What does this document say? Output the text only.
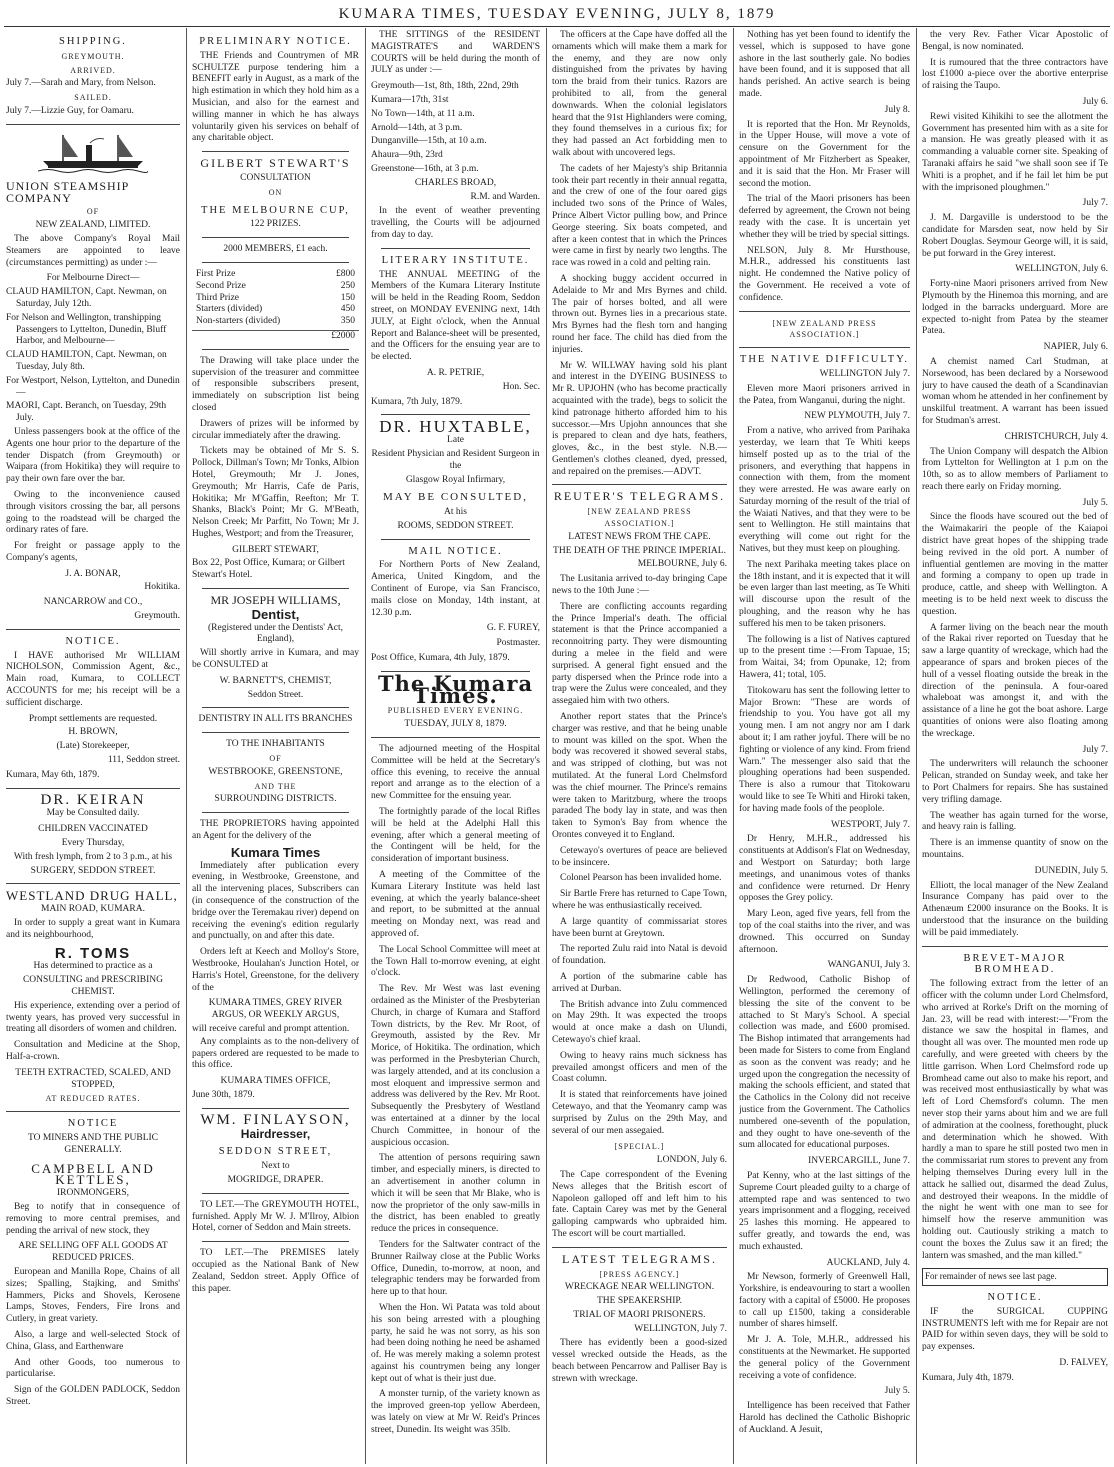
KUMARA TIMES, TUESDAY EVENING, JULY 8, 1879
SHIPPING.
GREYMOUTH.
ARRIVED.
July 7.—Sarah and Mary, from Nelson.
SAILED.
July 7.—Lizzie Guy, for Oamaru.
UNION STEAMSHIP COMPANY
OF
NEW ZEALAND, LIMITED.
The above Company's Royal Mail Steamers are appointed to leave (circumstances permitting) as under :—
For Melbourne Direct—
CLAUD HAMILTON, Capt. Newman, on Saturday, July 12th.
For Nelson and Wellington, transhipping Passengers to Lyttelton, Dunedin, Bluff Harbor, and Melbourne—
CLAUD HAMILTON, Capt. Newman, on Tuesday, July 8th.
For Westport, Nelson, Lyttelton, and Dunedin—
MAORI, Capt. Beranch, on Tuesday, 29th July.
Unless passengers book at the office of the Agents one hour prior to the departure of the tender Dispatch (from Greymouth) or Waipara (from Hokitika) they will require to pay their own fare over the bar.
Owing to the inconvenience caused through visitors crossing the bar, all persons going to the roadstead will be charged the ordinary rates of fare.
For freight or passage apply to the Company's agents,
J. A. BONAR,
Hokitika.
NANCARROW and CO.,
Greymouth.
NOTICE.
I HAVE authorised Mr WILLIAM NICHOLSON, Commission Agent, &c., Main road, Kumara, to COLLECT ACCOUNTS for me; his receipt will be a sufficient discharge.
Prompt settlements are requested.
H. BROWN,
(Late) Storekeeper,
111, Seddon street.
Kumara, May 6th, 1879.
DR. KEIRAN
May be Consulted daily.
CHILDREN VACCINATED
Every Thursday,
With fresh lymph, from 2 to 3 p.m., at his
SURGERY, SEDDON STREET.
WESTLAND DRUG HALL,
MAIN ROAD, KUMARA.
In order to supply a great want in Kumara and its neighbourhood,
R. TOMS
Has determined to practice as a
CONSULTING and PRESCRIBING CHEMIST.
His experience, extending over a period of twenty years, has proved very successful in treating all disorders of women and children.
Consultation and Medicine at the Shop, Half-a-crown.
TEETH EXTRACTED, SCALED, AND STOPPED,
AT REDUCED RATES.
NOTICE
TO MINERS AND THE PUBLIC GENERALLY.
CAMPBELL AND KETTLES,
IRONMONGERS,
Beg to notify that in consequence of removing to more central premises, and pending the arrival of new stock, they
ARE SELLING OFF ALL GOODS AT REDUCED PRICES.
European and Manilla Rope, Chains of all sizes; Spalling, Stajking, and Smiths' Hammers, Picks and Shovels, Kerosene Lamps, Stoves, Fenders, Fire Irons and Cutlery, in great variety.
Also, a large and well-selected Stock of China, Glass, and Earthenware
And other Goods, too numerous to particularise.
Sign of the GOLDEN PADLOCK, Seddon Street.
PRELIMINARY NOTICE.
THE Friends and Countrymen of MR SCHULTZE purpose tendering him a BENEFIT early in August, as a mark of the high estimation in which they hold him as a Musician, and also for the earnest and willing manner in which he has always voluntarily given his services on behalf of any charitable object.
GILBERT STEWART'S
CONSULTATION
ON
THE MELBOURNE CUP,
122 PRIZES.
2000 MEMBERS, £1 each.
First Prize	£800
Second Prize	250
Third Prize	150
Starters (divided)	450
Non-starters (divided)	350
£2000
The Drawing will take place under the supervision of the treasurer and committee of responsible subscribers present, immediately on subscription list being closed
Drawers of prizes will be informed by circular immediately after the drawing.
Tickets may be obtained of Mr S. S. Pollock, Dillman's Town; Mr Tonks, Albion Hotel, Greymouth; Mr J. Jones, Greymouth; Mr Harris, Cafe de Paris, Hokitika; Mr M'Gaffin, Reefton; Mr T. Shanks, Black's Point; Mr G. M'Beath, Nelson Creek; Mr Parfitt, No Town; Mr J. Hughes, Westport; and from the Treasurer,
GILBERT STEWART,
Box 22, Post Office, Kumara; or Gilbert Stewart's Hotel.
MR JOSEPH WILLIAMS,
Dentist,
(Registered under the Dentists' Act, England),
Will shortly arrive in Kumara, and may be CONSULTED at
W. BARNETT'S, CHEMIST,
Seddon Street.
DENTISTRY IN ALL ITS BRANCHES
TO THE INHABITANTS
OF
WESTBROOKE, GREENSTONE,
AND THE
SURROUNDING DISTRICTS.
THE PROPRIETORS having appointed an Agent for the delivery of the
Kumara Times
Immediately after publication every evening, in Westbrooke, Greenstone, and all the intervening places, Subscribers can (in consequence of the construction of the bridge over the Teremakau river) depend on receiving the evening's edition regularly and punctually, on and after this date.
Orders left at Keech and Molloy's Store, Westbrooke, Houlahan's Junction Hotel, or Harris's Hotel, Greenstone, for the delivery of the
KUMARA TIMES, GREY RIVER ARGUS, OR WEEKLY ARGUS,
will receive careful and prompt attention.
Any complaints as to the non-delivery of papers ordered are requested to be made to this office.
KUMARA TIMES OFFICE,
June 30th, 1879.
WM. FINLAYSON,
Hairdresser,
SEDDON STREET,
Next to
MOGRIDGE, DRAPER.
TO LET.—The GREYMOUTH HOTEL, furnished. Apply Mr W. J. M'Ilroy, Albion Hotel, corner of Seddon and Main streets.
TO LET.—The PREMISES lately occupied as the National Bank of New Zealand, Seddon street. Apply Office of this paper.
THE SITTINGS of the RESIDENT MAGISTRATE'S and WARDEN'S COURTS will be held during the month of JULY as under :—
Greymouth—1st, 8th, 18th, 22nd, 29th
Kumara—17th, 31st
No Town—14th, at 11 a.m.
Arnold—14th, at 3 p.m.
Dunganville—15th, at 10 a.m.
Ahaura—9th, 23rd
Greenstone—16th, at 3 p.m.
CHARLES BROAD,
R.M. and Warden.
In the event of weather preventing travelling, the Courts will be adjourned from day to day.
LITERARY INSTITUTE.
THE ANNUAL MEETING of the Members of the Kumara Literary Institute will be held in the Reading Room, Seddon street, on MONDAY EVENING next, 14th JULY, at Eight o'clock, when the Annual Report and Balance-sheet will be presented, and the Officers for the ensuing year are to be elected.
A. R. PETRIE,
Hon. Sec.
Kumara, 7th July, 1879.
DR. HUXTABLE,
Late
Resident Physician and Resident Surgeon in the
Glasgow Royal Infirmary,
MAY BE CONSULTED,
At his
ROOMS, SEDDON STREET.
MAIL NOTICE.
For Northern Ports of New Zealand, America, United Kingdom, and the Continent of Europe, via San Francisco, mails close on Monday, 14th instant, at 12.30 p.m.
G. F. FUREY,
Postmaster.
Post Office, Kumara, 4th July, 1879.
The Kumara Times.
PUBLISHED EVERY EVENING.
TUESDAY, JULY 8, 1879.
The adjourned meeting of the Hospital Committee will be held at the Secretary's office this evening, to receive the annual report and arrange as to the election of a new Committee for the ensuing year.
The fortnightly parade of the local Rifles will be held at the Adelphi Hall this evening, after which a general meeting of the Contingent will be held, for the consideration of important business.
A meeting of the Committee of the Kumara Literary Institute was held last evening, at which the yearly balance-sheet and report, to be submitted at the annual meeting on Monday next, was read and approved of.
The Local School Committee will meet at the Town Hall to-morrow evening, at eight o'clock.
The Rev. Mr West was last evening ordained as the Minister of the Presbyterian Church, in charge of Kumara and Stafford Town districts, by the Rev. Mr Root, of Greymouth, assisted by the Rev. Mr Morice, of Hokitika. The ordination, which was performed in the Presbyterian Church, was largely attended, and at its conclusion a most eloquent and impressive sermon and address was delivered by the Rev. Mr Root. Subsequently the Presbytery of Westland was entertained at a dinner by the local Church Committee, in honour of the auspicious occasion.
The attention of persons requiring sawn timber, and especially miners, is directed to an advertisement in another column in which it will be seen that Mr Blake, who is now the proprietor of the only saw-mills in the district, has been enabled to greatly reduce the prices in consequence.
Tenders for the Saltwater contract of the Brunner Railway close at the Public Works Office, Dunedin, to-morrow, at noon, and telegraphic tenders may be forwarded from here up to that hour.
When the Hon. Wi Patata was told about his son being arrested with a ploughing party, he said he was not sorry, as his son had been doing nothing he need be ashamed of. He was merely making a solemn protest against his countrymen being any longer kept out of what is their just due.
A monster turnip, of the variety known as the improved green-top yellow Aberdeen, was lately on view at Mr W. Reid's Princes street, Dunedin. Its weight was 35lb.
The officers at the Cape have doffed all the ornaments which will make them a mark for the enemy, and they are now only distinguished from the privates by having torn the braid from their tunics. Razors are prohibited to all, from the general downwards. When the colonial legislators heard that the 91st Highlanders were coming, they found themselves in a curious fix; for they had passed an Act forbidding men to walk about with uncovered legs.
The cadets of her Majesty's ship Britannia took their part recently in their annual regatta, and the crew of one of the four oared gigs included two sons of the Prince of Wales, Prince Albert Victor pulling bow, and Prince George steering. Six boats competed, and after a keen contest that in which the Princes were came in first by nearly two lengths. The race was rowed in a cold and pelting rain.
A shocking buggy accident occurred in Adelaide to Mr and Mrs Byrnes and child. The pair of horses bolted, and all were thrown out. Byrnes lies in a precarious state. Mrs Byrnes had the flesh torn and hanging round her face. The child has died from the injuries.
Mr W. WILLWAY having sold his plant and interest in the DYEING BUSINESS to Mr R. UPJOHN (who has become practically acquainted with the trade), begs to solicit the kind patronage hitherto afforded him to his successor.—Mrs Upjohn announces that she is prepared to clean and dye hats, feathers, gloves, &c., in the best style. N.B.—Gentlemen's clothes cleaned, dyed, pressed, and repaired on the premises.—ADVT.
REUTER'S TELEGRAMS.
[NEW ZEALAND PRESS ASSOCIATION.]
LATEST NEWS FROM THE CAPE.
THE DEATH OF THE PRINCE IMPERIAL.
MELBOURNE, July 6.
The Lusitania arrived to-day bringing Cape news to the 10th June :—
There are conflicting accounts regarding the Prince Imperial's death. The official statement is that the Prince accompanied a reconnoitring party. They were dismounting during a melee in the field and were surprised. A general fight ensued and the party dispersed when the Prince rode into a trap were the Zulus were concealed, and they assegaied him with two others.
Another report states that the Prince's charger was restive, and that he being unable to mount was killed on the spot. When the body was recovered it showed several stabs, and was stripped of clothing, but was not mutilated. At the funeral Lord Chelmsford was the chief mourner. The Prince's remains were taken to Maritzburg, where the troops paraded The body lay in state, and was then taken to Symon's Bay from whence the Orontes conveyed it to England.
Cetewayo's overtures of peace are believed to be insincere.
Colonel Pearson has been invalided home.
Sir Bartle Frere has returned to Cape Town, where he was enthusiastically received.
A large quantity of commissariat stores have been burnt at Greytown.
The reported Zulu raid into Natal is devoid of foundation.
A portion of the submarine cable has arrived at Durban.
The British advance into Zulu commenced on May 29th. It was expected the troops would at once make a dash on Ulundi, Cetewayo's chief kraal.
Owing to heavy rains much sickness has prevailed amongst officers and men of the Coast column.
It is stated that reinforcements have joined Cetewayo, and that the Yeomanry camp was surprised by Zulus on the 29th May, and several of our men assegaied.
[SPECIAL.]
LONDON, July 6.
The Cape correspondent of the Evening News alleges that the British escort of Napoleon galloped off and left him to his fate. Captain Carey was met by the General galloping campwards who upbraided him. The escort will be court martialled.
LATEST TELEGRAMS.
[PRESS AGENCY.]
WRECKAGE NEAR WELLINGTON.
THE SPEAKERSHIP.
TRIAL OF MAORI PRISONERS.
WELLINGTON, July 7.
There has evidently been a good-sized vessel wrecked outside the Heads, as the beach between Pencarrow and Palliser Bay is strewn with wreckage.
Nothing has yet been found to identify the vessel, which is supposed to have gone ashore in the last southerly gale. No bodies have been found, and it is supposed that all hands perished. An active search is being made.
July 8.
It is reported that the Hon. Mr Reynolds, in the Upper House, will move a vote of censure on the Government for the appointment of Mr Fitzherbert as Speaker, and it is said that the Hon. Mr Fraser will second the motion.
The trial of the Maori prisoners has been deferred by agreement, the Crown not being ready with the case. It is uncertain yet whether they will be tried by special sittings.
NELSON, July 8. Mr Hursthouse, M.H.R., addressed his constituents last night. He condemned the Native policy of the Government. He received a vote of confidence.
[NEW ZEALAND PRESS ASSOCIATION.]
THE NATIVE DIFFICULTY.
WELLINGTON July 7.
Eleven more Maori prisoners arrived in the Patea, from Wanganui, during the night.
NEW PLYMOUTH, July 7.
From a native, who arrived from Parihaka yesterday, we learn that Te Whiti keeps himself posted up as to the trial of the prisoners, and everything that happens in connection with them, from the moment they were arrested. He was aware early on Saturday morning of the result of the trial of the Waiati Natives, and that they were to be sent to Wellington. He still maintains that everything will come out right for the Natives, but they must keep on ploughing.
The next Parihaka meeting takes place on the 18th instant, and it is expected that it will be even larger than last meeting, as Te Whiti will discourse upon the result of the ploughing, and the reason why he has suffered his men to be taken prisoners.
The following is a list of Natives captured up to the present time :—From Tapuae, 15; from Waitai, 34; from Opunake, 12; from Hawera, 41; total, 105.
Titokowaru has sent the following letter to Major Brown: "These are words of friendship to you. You have got all my young men. I am not angry nor am I dark about it; I am rather joyful. There will be no fighting or violence of any kind. From friend Warn." The messenger also said that the ploughing operations had been suspended. There is also a rumour that Titokowaru would like to see Te Whiti and Hiroki taken, for having made fools of the peoplole.
WESTPORT, July 7.
Dr Henry, M.H.R., addressed his constituents at Addison's Flat on Wednesday, and Westport on Saturday; both large meetings, and unanimous votes of thanks and confidence were returned. Dr Henry opposes the Grey policy.
Mary Leon, aged five years, fell from the top of the coal staiths into the river, and was drowned. This occurred on Sunday afternoon.
WANGANUI, July 3.
Dr Redwood, Catholic Bishop of Wellington, performed the ceremony of blessing the site of the convent to be attached to St Mary's School. A special collection was made, and £600 promised. The Bishop intimated that arrangements had been made for Sisters to come from England as soon as the convent was ready; and he urged upon the congregation the necessity of making the schools efficient, and stated that the Catholics in the Colony did not receive justice from the Government. The Catholics numbered one-seventh of the population, and they ought to have one-seventh of the sum allocated for educational purposes.
INVERCARGILL, June 7.
Pat Kenny, who at the last sittings of the Supreme Court pleaded guilty to a charge of attempted rape and was sentenced to two years imprisonment and a flogging, received 25 lashes this morning. He appeared to suffer greatly, and towards the end, was much exhausted.
AUCKLAND, July 4.
Mr Newson, formerly of Greenwell Hall, Yorkshire, is endeavouring to start a woollen factory with a capital of £5000. He proposes to call up £1500, taking a considerable number of shares himself.
Mr J. A. Tole, M.H.R., addressed his constituents at the Newmarket. He supported the general policy of the Government receiving a vote of confidence.
July 5.
Intelligence has been received that Father Harold has declined the Catholic Bishopric of Auckland. A Jesuit,
the very Rev. Father Vicar Apostolic of Bengal, is now nominated.
It is rumoured that the three contractors have lost £1000 a-piece over the abortive enterprise of raising the Taupo.
July 6.
Rewi visited Kihikihi to see the allotment the Government has presented him with as a site for a mansion. He was greatly pleased with it as commanding a valuable corner site. Speaking of Taranaki affairs he said "we shall soon see if Te Whiti is a prophet, and if he fail let him be put with the imprisoned ploughmen."
July 7.
J. M. Dargaville is understood to be the candidate for Marsden seat, now held by Sir Robert Douglas. Seymour George will, it is said, be put forward in the Grey interest.
WELLINGTON, July 6.
Forty-nine Maori prisoners arrived from New Plymouth by the Hinemoa this morning, and are lodged in the barracks underguard. More are expected to-night from Patea by the steamer Patea.
NAPIER, July 6.
A chemist named Carl Studman, at Norsewood, has been declared by a Norsewood jury to have caused the death of a Scandinavian woman whom he attended in her confinement by unskilful treatment. A warrant has been issued for Studman's arrest.
CHRISTCHURCH, July 4.
The Union Company will despatch the Albion from Lyttelton for Wellington at 1 p.m on the 10th, so as to allow members of Parliament to reach there early on Friday morning.
July 5.
Since the floods have scoured out the bed of the Waimakariri the people of the Kaiapoi district have great hopes of the shipping trade being revived in the old port. A number of influential gentlemen are moving in the matter and forming a company to open up trade in produce, cattle, and sheep with Wellington. A meeting is to be held next week to discuss the question.
A farmer living on the beach near the mouth of the Rakai river reported on Tuesday that he saw a large quantity of wreckage, which had the appearance of spars and broken pieces of the hull of a vessel floating outside the break in the direction of the peninsula. A four-oared whaleboat was amongst it, and with the assistance of a line he got the boat ashore. Large quantities of onions were also floating among the wreckage.
July 7.
The underwriters will relaunch the schooner Pelican, stranded on Sunday week, and take her to Port Chalmers for repairs. She has sustained very trifling damage.
The weather has again turned for the worse, and heavy rain is falling.
There is an immense quantity of snow on the mountains.
DUNEDIN, July 5.
Elliott, the local manager of the New Zealand Insurance Company has paid over to the Athenæum £2000 insurance on the Books. It is understood that the insurance on the building will be paid immediately.
BREVET-MAJOR BROMHEAD.
The following extract from the letter of an officer with the column under Lord Chelmsford, who arrived at Rorke's Drift on the morning of Jan. 23, will be read with interest:—"From the distance we saw the hospital in flames, and thought all was over. The mounted men rode up carefully, and were greeted with cheers by the little garrison. When Lord Chelmsford rode up Bromhead came out also to make his report, and was received most enthusiastically by what was left of Lord Chemsford's column. The men never stop their yarns about him and we are full of admiration at the coolness, forethought, pluck and determination which he showed. With hardly a man to spare he still posted two men in the commissariat rum stores to prevent any from helping themselves During every lull in the attack he sallied out, disarmed the dead Zulus, and destroyed their weapons. In the middle of the night he went with one man to see for himself how the reserve ammunition was holding out. Cautiously striking a match to count the boxes the Zulus saw it an fired; the lantern was smashed, and the man killed."
For remainder of news see last page.
NOTICE.
IF the SURGICAL CUPPING INSTRUMENTS left with me for Repair are not PAID for within seven days, they will be sold to pay expenses.
D. FALVEY,
Kumara, July 4th, 1879.
